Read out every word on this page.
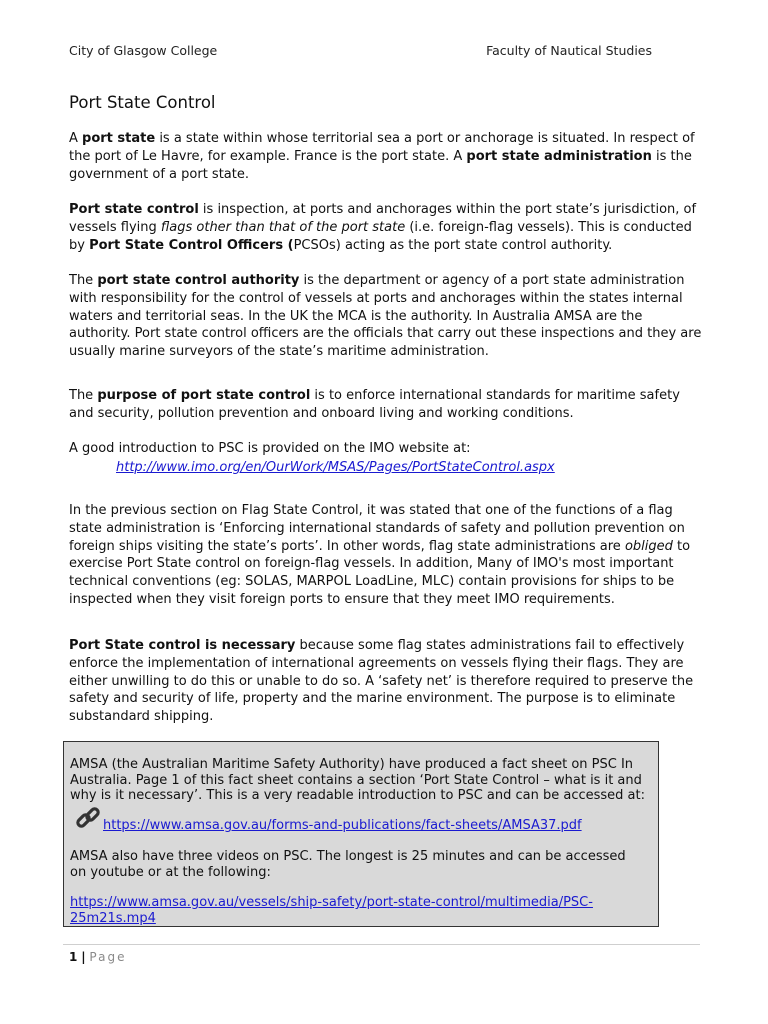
City of Glasgow College	Faculty of Nautical Studies
Port State Control

A port state is a state within whose territorial sea a port or anchorage is situated. In respect of the port of Le Havre, for example. France is the port state. A port state administration is the government of a port state.

Port state control is inspection, at ports and anchorages within the port state’s jurisdiction, of vessels flying flags other than that of the port state (i.e. foreign-flag vessels). This is conducted by Port State Control Officers (PCSOs) acting as the port state control authority.

The port state control authority is the department or agency of a port state administration with responsibility for the control of vessels at ports and anchorages within the states internal waters and territorial seas. In the UK the MCA is the authority. In Australia AMSA are the authority. Port state control officers are the officials that carry out these inspections and they are usually marine surveyors of the state’s maritime administration.

The purpose of port state control is to enforce international standards for maritime safety and security, pollution prevention and onboard living and working conditions.

A good introduction to PSC is provided on the IMO website at:

http://www.imo.org/en/OurWork/MSAS/Pages/PortStateControl.aspx

In the previous section on Flag State Control, it was stated that one of the functions of a flag state administration is ‘Enforcing international standards of safety and pollution prevention on foreign ships visiting the state’s ports’. In other words, flag state administrations are obliged to exercise Port State control on foreign-flag vessels. In addition, Many of IMO's most important technical conventions (eg: SOLAS, MARPOL LoadLine, MLC) contain provisions for ships to be inspected when they visit foreign ports to ensure that they meet IMO requirements.

Port State control is necessary because some flag states administrations fail to effectively enforce the implementation of international agreements on vessels flying their flags. They are either unwilling to do this or unable to do so. A ‘safety net’ is therefore required to preserve the safety and security of life, property and the marine environment. The purpose is to eliminate substandard shipping.

AMSA (the Australian Maritime Safety Authority) have produced a fact sheet on PSC In Australia. Page 1 of this fact sheet contains a section ‘Port State Control – what is it and why is it necessary’. This is a very readable introduction to PSC and can be accessed at:

https://www.amsa.gov.au/forms-and-publications/fact-sheets/AMSA37.pdf

AMSA also have three videos on PSC. The longest is 25 minutes and can be accessed on youtube or at the following:

https://www.amsa.gov.au/vessels/ship-safety/port-state-control/multimedia/PSC-25m21s.mp4
1 | Page
